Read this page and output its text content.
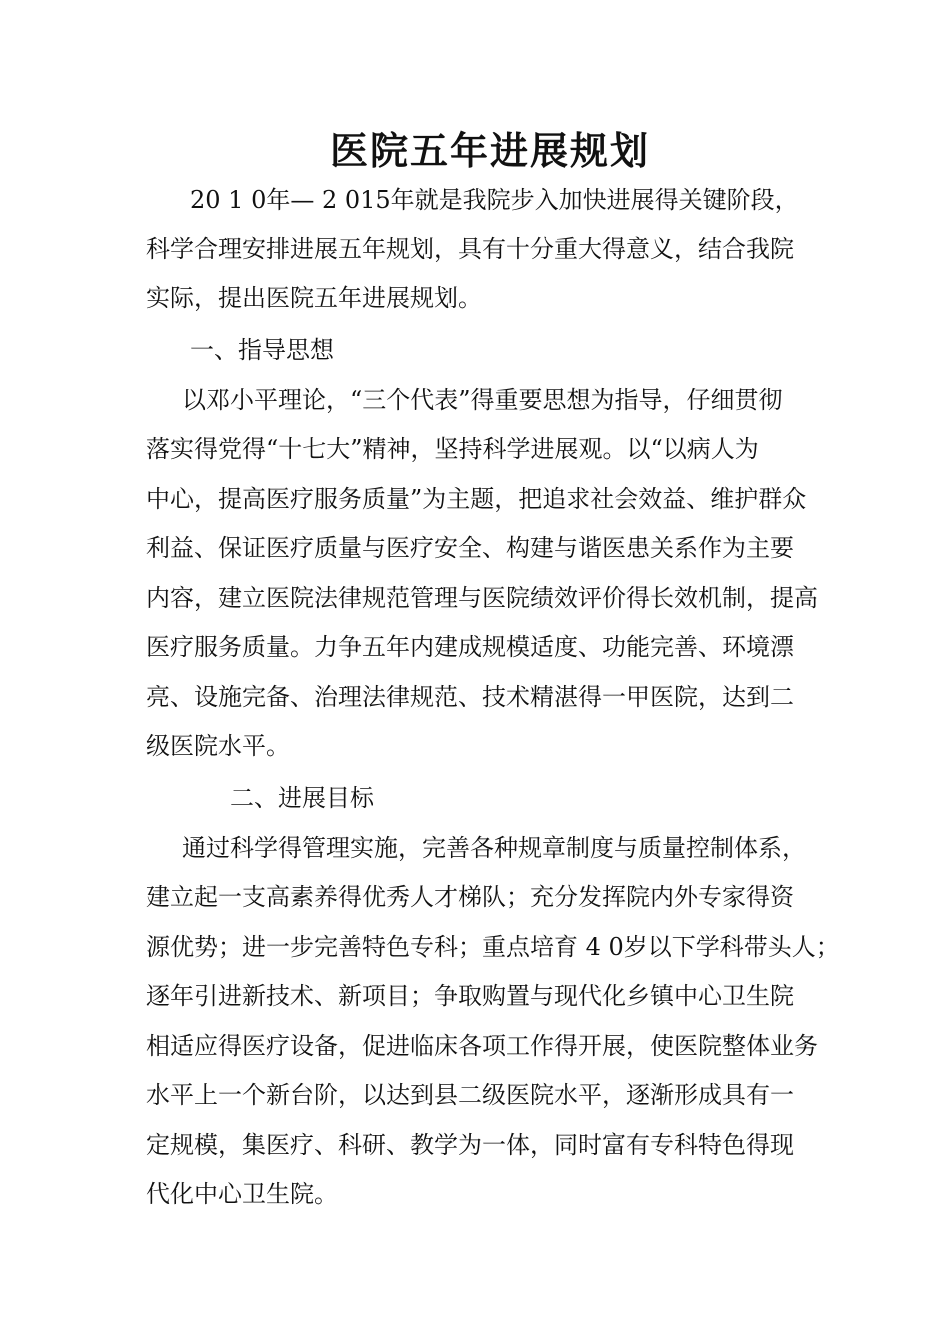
医院五年进展规划

20 1 0年— 2 015年就是我院步入加快进展得关键阶段，

科学合理安排进展五年规划，具有十分重大得意义，结合我院

实际，提出医院五年进展规划。

一、指导思想

以邓小平理论，“三个代表”得重要思想为指导，仔细贯彻

落实得党得“十七大”精神，坚持科学进展观。以“以病人为

中心，提高医疗服务质量”为主题，把追求社会效益、维护群众

利益、保证医疗质量与医疗安全、构建与谐医患关系作为主要

内容，建立医院法律规范管理与医院绩效评价得长效机制，提高

医疗服务质量。力争五年内建成规模适度、功能完善、环境漂

亮、设施完备、治理法律规范、技术精湛得一甲医院，达到二

级医院水平。

二、进展目标

通过科学得管理实施，完善各种规章制度与质量控制体系，

建立起一支高素养得优秀人才梯队；充分发挥院内外专家得资

源优势；进一步完善特色专科；重点培育 4 0岁以下学科带头人；

逐年引进新技术、新项目；争取购置与现代化乡镇中心卫生院

相适应得医疗设备，促进临床各项工作得开展，使医院整体业务

水平上一个新台阶，以达到县二级医院水平，逐渐形成具有一

定规模，集医疗、科研、教学为一体，同时富有专科特色得现

代化中心卫生院。
